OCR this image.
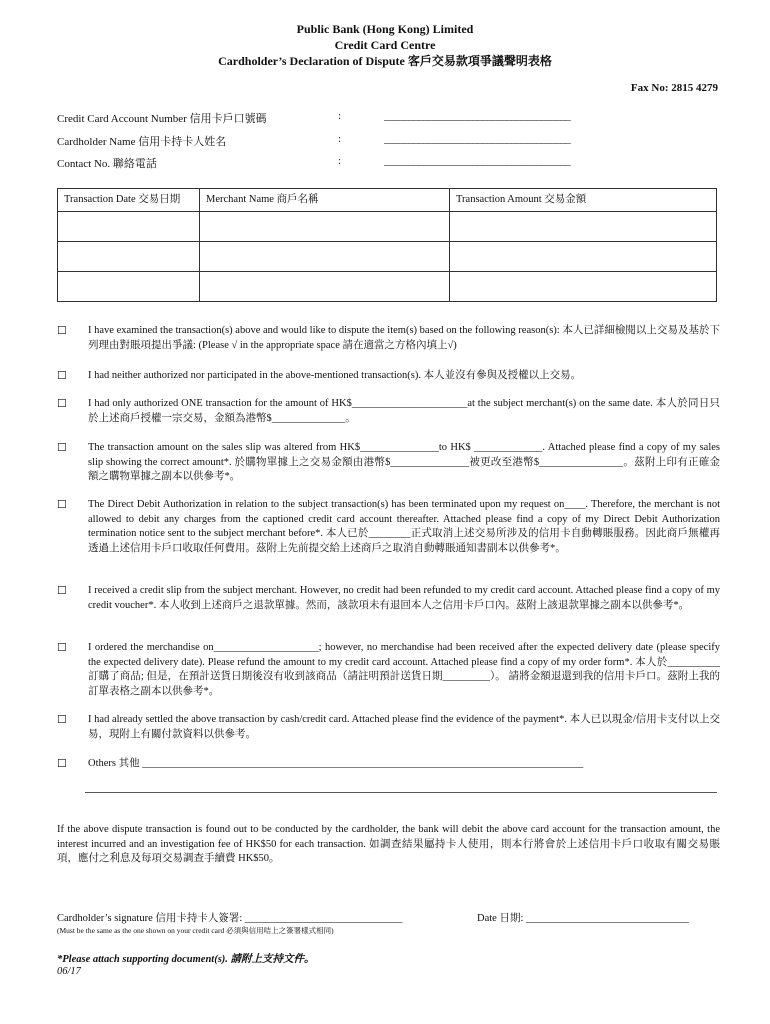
Public Bank (Hong Kong) Limited
Credit Card Centre
Cardholder’s Declaration of Dispute 客戶交易款項爭議聲明表格
Fax No: 2815 4279
Credit Card Account Number 信用卡戶口號碼	:	______________________________________
Cardholder Name 信用卡持卡人姓名	:	______________________________________
Contact No. 聯絡電話	:	______________________________________
Transaction Date 交易日期	Merchant Name 商戶名稱	Transaction Amount 交易金額

☐	I have examined the transaction(s) above and would like to dispute the item(s) based on the following reason(s): 本人已詳細檢閱以上交易及基於下列理由對賬項提出爭議: (Please √ in the appropriate space 請在適當之方格內填上√)
☐	I had neither authorized nor participated in the above-mentioned transaction(s). 本人並沒有參與及授權以上交易。
☐	I had only authorized ONE transaction for the amount of HK$______________________at the subject merchant(s) on the same date. 本人於同日只於上述商戶授權一宗交易，金額為港幣$______________。
☐	The transaction amount on the sales slip was altered from HK$_______________to HK$ _____________. Attached please find a copy of my sales slip showing the correct amount*. 於購物單據上之交易金額由港幣$_______________被更改至港幣$________________。茲附上印有正確金額之購物單據之副本以供參考*。
☐	The Direct Debit Authorization in relation to the subject transaction(s) has been terminated upon my request on____. Therefore, the merchant is not allowed to debit any charges from the captioned credit card account thereafter. Attached please find a copy of my Direct Debit Authorization termination notice sent to the subject merchant before*. 本人已於________正式取消上述交易所涉及的信用卡自動轉賬服務。因此商戶無權再透過上述信用卡戶口收取任何費用。茲附上先前提交給上述商戶之取消自動轉賬通知書副本以供參考*。
☐	I received a credit slip from the subject merchant. However, no credit had been refunded to my credit card account. Attached please find a copy of my credit voucher*. 本人收到上述商戶之退款單據。然而，該款項未有退回本人之信用卡戶口內。茲附上該退款單據之副本以供參考*。
☐	I ordered the merchandise on____________________; however, no merchandise had been received after the expected delivery date (please specify the expected delivery date). Please refund the amount to my credit card account. Attached please find a copy of my order form*. 本人於__________訂購了商品; 但是，在預計送貨日期後沒有收到該商品（請註明預計送貨日期_________）。 請將金額退還到我的信用卡戶口。茲附上我的訂單表格之副本以供參考*。
☐	I had already settled the above transaction by cash/credit card. Attached please find the evidence of the payment*. 本人已以現金/信用卡支付以上交易，現附上有關付款資料以供參考。
☐	Others 其他 ____________________________________________________________________________________
If the above dispute transaction is found out to be conducted by the cardholder, the bank will debit the above card account for the transaction amount, the interest incurred and an investigation fee of HK$50 for each transaction. 如調查結果屬持卡人使用，則本行將會於上述信用卡戶口收取有關交易賬項，應付之利息及每項交易調查手續費 HK$50。
Cardholder’s signature 信用卡持卡人簽署: ______________________________	Date 日期: _______________________________
(Must be the same as the one shown on your credit card 必須與信用咭上之簽署樣式相同)
*Please attach supporting document(s). 請附上支持文件。
06/17
